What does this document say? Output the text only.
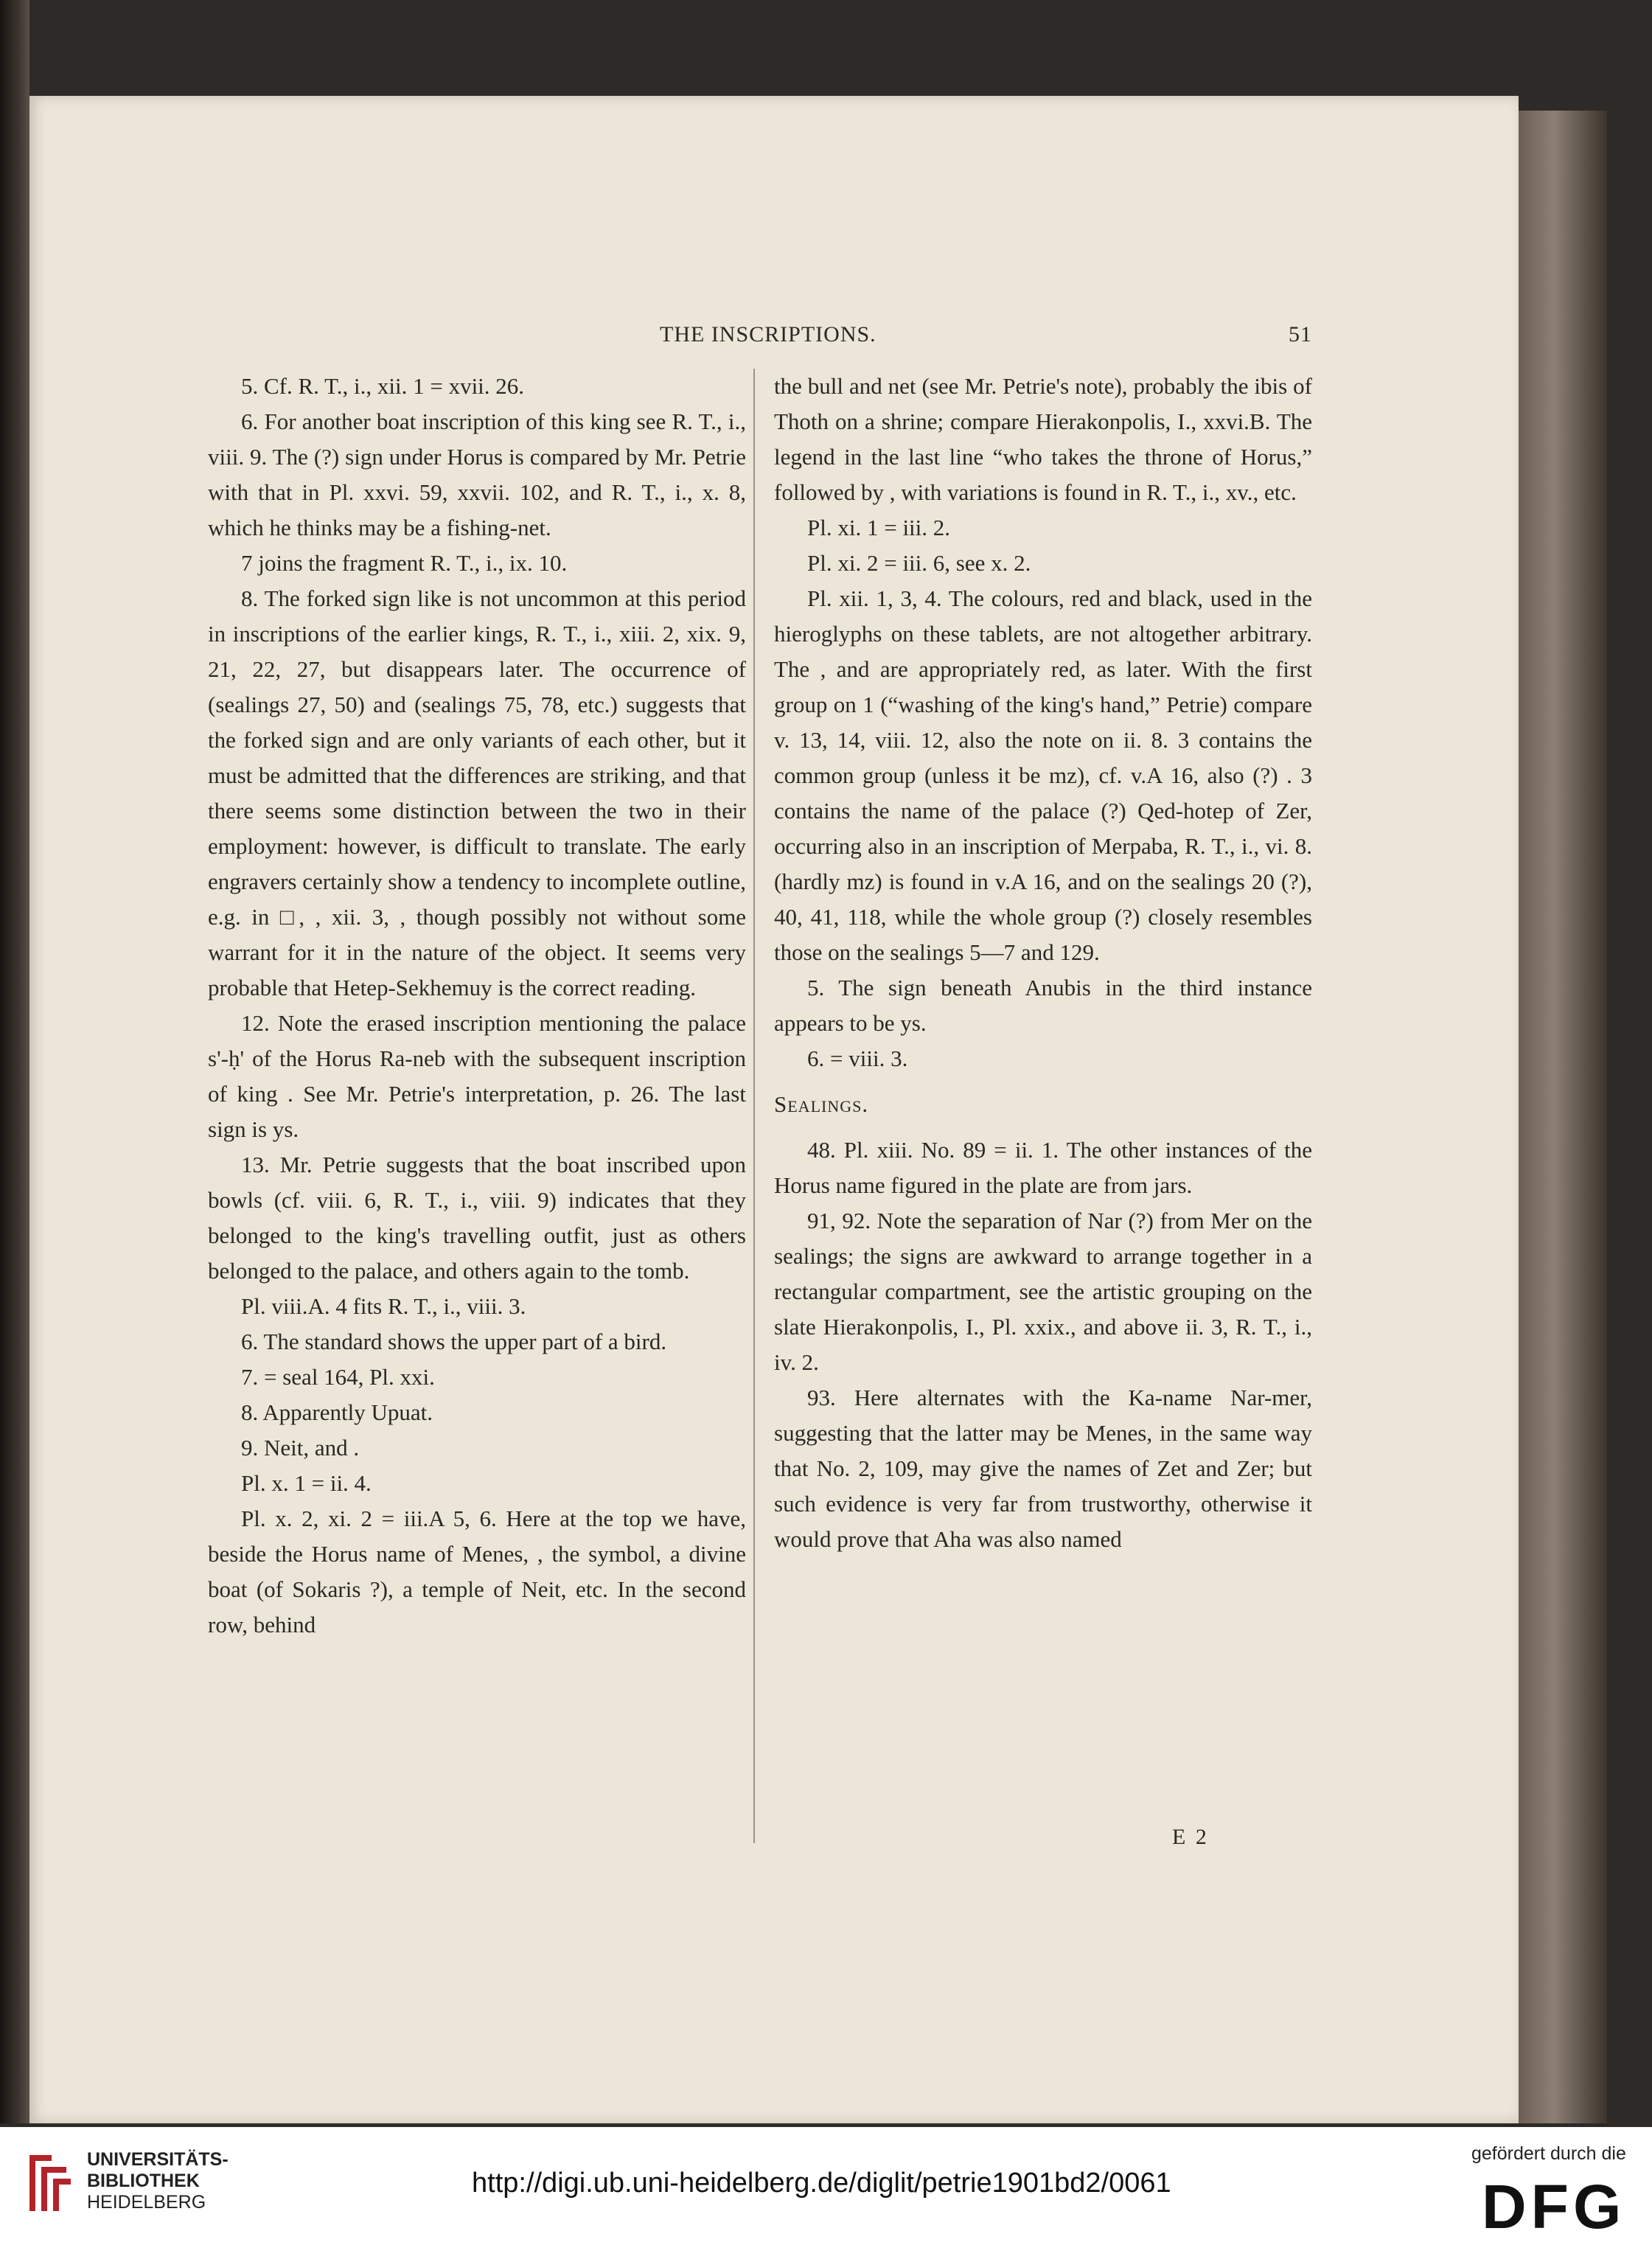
THE INSCRIPTIONS.	51

5. Cf. R. T., i., xii. 1 = xvii. 26.

6. For another boat inscription of this king see R. T., i., viii. 9. The (?) sign under Horus is compared by Mr. Petrie with that in Pl. xxvi. 59, xxvii. 102, and R. T., i., x. 8, which he thinks may be a fishing-net.

7 joins the fragment R. T., i., ix. 10.

8. The forked sign like is not uncommon at this period in inscriptions of the earlier kings, R. T., i., xiii. 2, xix. 9, 21, 22, 27, but disappears later. The occurrence of (sealings 27, 50) and (sealings 75, 78, etc.) suggests that the forked sign and are only variants of each other, but it must be admitted that the differences are striking, and that there seems some distinction between the two in their employment: however, is difficult to translate. The early engravers certainly show a tendency to incomplete outline, e.g. in □, , xii. 3, , though possibly not without some warrant for it in the nature of the object. It seems very probable that Hetep-Sekhemuy is the correct reading.

12. Note the erased inscription mentioning the palace s'-ḥ' of the Horus Ra-neb with the subsequent inscription of king . See Mr. Petrie's interpretation, p. 26. The last sign is ys.

13. Mr. Petrie suggests that the boat inscribed upon bowls (cf. viii. 6, R. T., i., viii. 9) indicates that they belonged to the king's travelling outfit, just as others belonged to the palace, and others again to the tomb.

Pl. viii.A. 4 fits R. T., i., viii. 3.

6. The standard shows the upper part of a bird.

7. = seal 164, Pl. xxi.

8. Apparently Upuat.

9. Neit, and .

Pl. x. 1 = ii. 4.

Pl. x. 2, xi. 2 = iii.A 5, 6. Here at the top we have, beside the Horus name of Menes, , the symbol, a divine boat (of Sokaris ?), a temple of Neit, etc. In the second row, behind

the bull and net (see Mr. Petrie's note), probably the ibis of Thoth on a shrine; compare Hierakonpolis, I., xxvi.B. The legend in the last line “who takes the throne of Horus,” followed by , with variations is found in R. T., i., xv., etc.

Pl. xi. 1 = iii. 2.

Pl. xi. 2 = iii. 6, see x. 2.

Pl. xii. 1, 3, 4. The colours, red and black, used in the hieroglyphs on these tablets, are not altogether arbitrary. The , and are appropriately red, as later. With the first group on 1 (“washing of the king's hand,” Petrie) compare v. 13, 14, viii. 12, also the note on ii. 8. 3 contains the common group (unless it be mz), cf. v.A 16, also (?) . 3 contains the name of the palace (?) Qed-hotep of Zer, occurring also in an inscription of Merpaba, R. T., i., vi. 8. (hardly mz) is found in v.A 16, and on the sealings 20 (?), 40, 41, 118, while the whole group (?) closely resembles those on the sealings 5—7 and 129.

5. The sign beneath Anubis in the third instance appears to be ys.

6. = viii. 3.

Sealings.

48. Pl. xiii. No. 89 = ii. 1. The other instances of the Horus name figured in the plate are from jars.

91, 92. Note the separation of Nar (?) from Mer on the sealings; the signs are awkward to arrange together in a rectangular compartment, see the artistic grouping on the slate Hierakonpolis, I., Pl. xxix., and above ii. 3, R. T., i., iv. 2.

93. Here alternates with the Ka-name Nar-mer, suggesting that the latter may be Menes, in the same way that No. 2, 109, may give the names of Zet and Zer; but such evidence is very far from trustworthy, otherwise it would prove that Aha was also named

E 2
UNIVERSITÄTS-
BIBLIOTHEK
HEIDELBERG
http://digi.ub.uni-heidelberg.de/diglit/petrie1901bd2/0061
gefördert durch die
DFG
